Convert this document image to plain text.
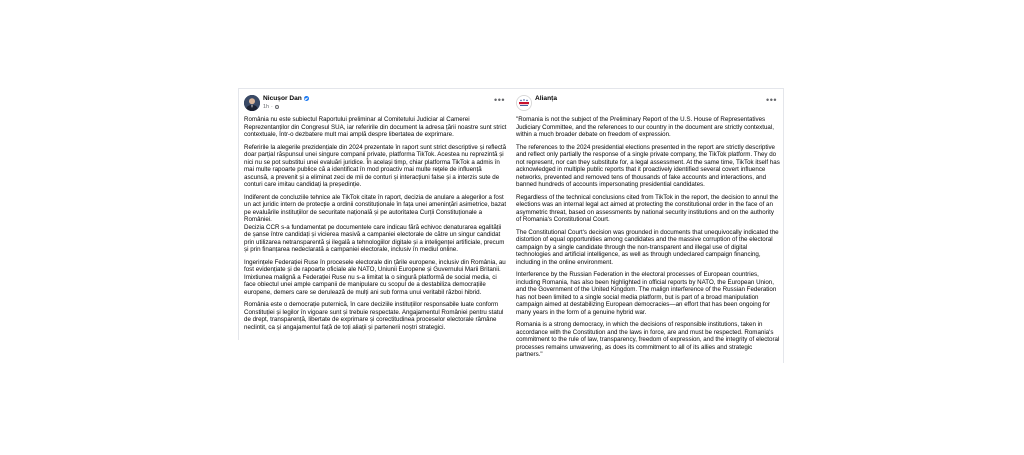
Nicușor Dan
1h ·
•••

România nu este subiectul Raportului preliminar al Comitetului Judiciar al Camerei Reprezentanților din Congresul SUA, iar referirile din document la adresa țării noastre sunt strict contextuale, într-o dezbatere mult mai amplă despre libertatea de exprimare.

Referirile la alegerile prezidențiale din 2024 prezentate în raport sunt strict descriptive și reflectă doar parțial răspunsul unei singure companii private, platforma TikTok. Acestea nu reprezintă și nici nu se pot substitui unei evaluări juridice. În același timp, chiar platforma TikTok a admis în mai multe rapoarte publice că a identificat în mod proactiv mai multe rețele de influență ascunsă, a prevenit și a eliminat zeci de mii de conturi și interacțiuni false și a interzis sute de conturi care imitau candidați la președinție.

Indiferent de concluziile tehnice ale TikTok citate în raport, decizia de anulare a alegerilor a fost un act juridic intern de protecție a ordinii constituționale în fața unei amenințări asimetrice, bazat pe evaluările instituțiilor de securitate națională și pe autoritatea Curții Constituționale a României.

Decizia CCR s-a fundamentat pe documentele care indicau fără echivoc denaturarea egalității de șanse între candidați și vicierea masivă a campaniei electorale de către un singur candidat prin utilizarea netransparentă și ilegală a tehnologiilor digitale și a inteligenței artificiale, precum și prin finanțarea nedeclarată a campaniei electorale, inclusiv în mediul online.

Ingerințele Federației Ruse în procesele electorale din țările europene, inclusiv din România, au fost evidențiate și de rapoarte oficiale ale NATO, Uniunii Europene și Guvernului Marii Britanii. Imixtiunea malignă a Federației Ruse nu s-a limitat la o singură platformă de social media, ci face obiectul unei ample campanii de manipulare cu scopul de a destabiliza democrațiile europene, demers care se derulează de mulți ani sub forma unui veritabil război hibrid.

România este o democrație puternică, în care deciziile instituțiilor responsabile luate conform Constituției și legilor în vigoare sunt și trebuie respectate. Angajamentul României pentru statul de drept, transparență, libertate de exprimare și corectitudinea proceselor electorale rămâne neclintit, ca și angajamentul față de toți aliații și partenerii noștri strategici.

Alianța	•••

"Romania is not the subject of the Preliminary Report of the U.S. House of Representatives Judiciary Committee, and the references to our country in the document are strictly contextual, within a much broader debate on freedom of expression.

The references to the 2024 presidential elections presented in the report are strictly descriptive and reflect only partially the response of a single private company, the TikTok platform. They do not represent, nor can they substitute for, a legal assessment. At the same time, TikTok itself has acknowledged in multiple public reports that it proactively identified several covert influence networks, prevented and removed tens of thousands of fake accounts and interactions, and banned hundreds of accounts impersonating presidential candidates.

Regardless of the technical conclusions cited from TikTok in the report, the decision to annul the elections was an internal legal act aimed at protecting the constitutional order in the face of an asymmetric threat, based on assessments by national security institutions and on the authority of Romania's Constitutional Court.

The Constitutional Court's decision was grounded in documents that unequivocally indicated the distortion of equal opportunities among candidates and the massive corruption of the electoral campaign by a single candidate through the non-transparent and illegal use of digital technologies and artificial intelligence, as well as through undeclared campaign financing, including in the online environment.

Interference by the Russian Federation in the electoral processes of European countries, including Romania, has also been highlighted in official reports by NATO, the European Union, and the Government of the United Kingdom. The malign interference of the Russian Federation has not been limited to a single social media platform, but is part of a broad manipulation campaign aimed at destabilizing European democracies—an effort that has been ongoing for many years in the form of a genuine hybrid war.

Romania is a strong democracy, in which the decisions of responsible institutions, taken in accordance with the Constitution and the laws in force, are and must be respected. Romania's commitment to the rule of law, transparency, freedom of expression, and the integrity of electoral processes remains unwavering, as does its commitment to all of its allies and strategic partners."
